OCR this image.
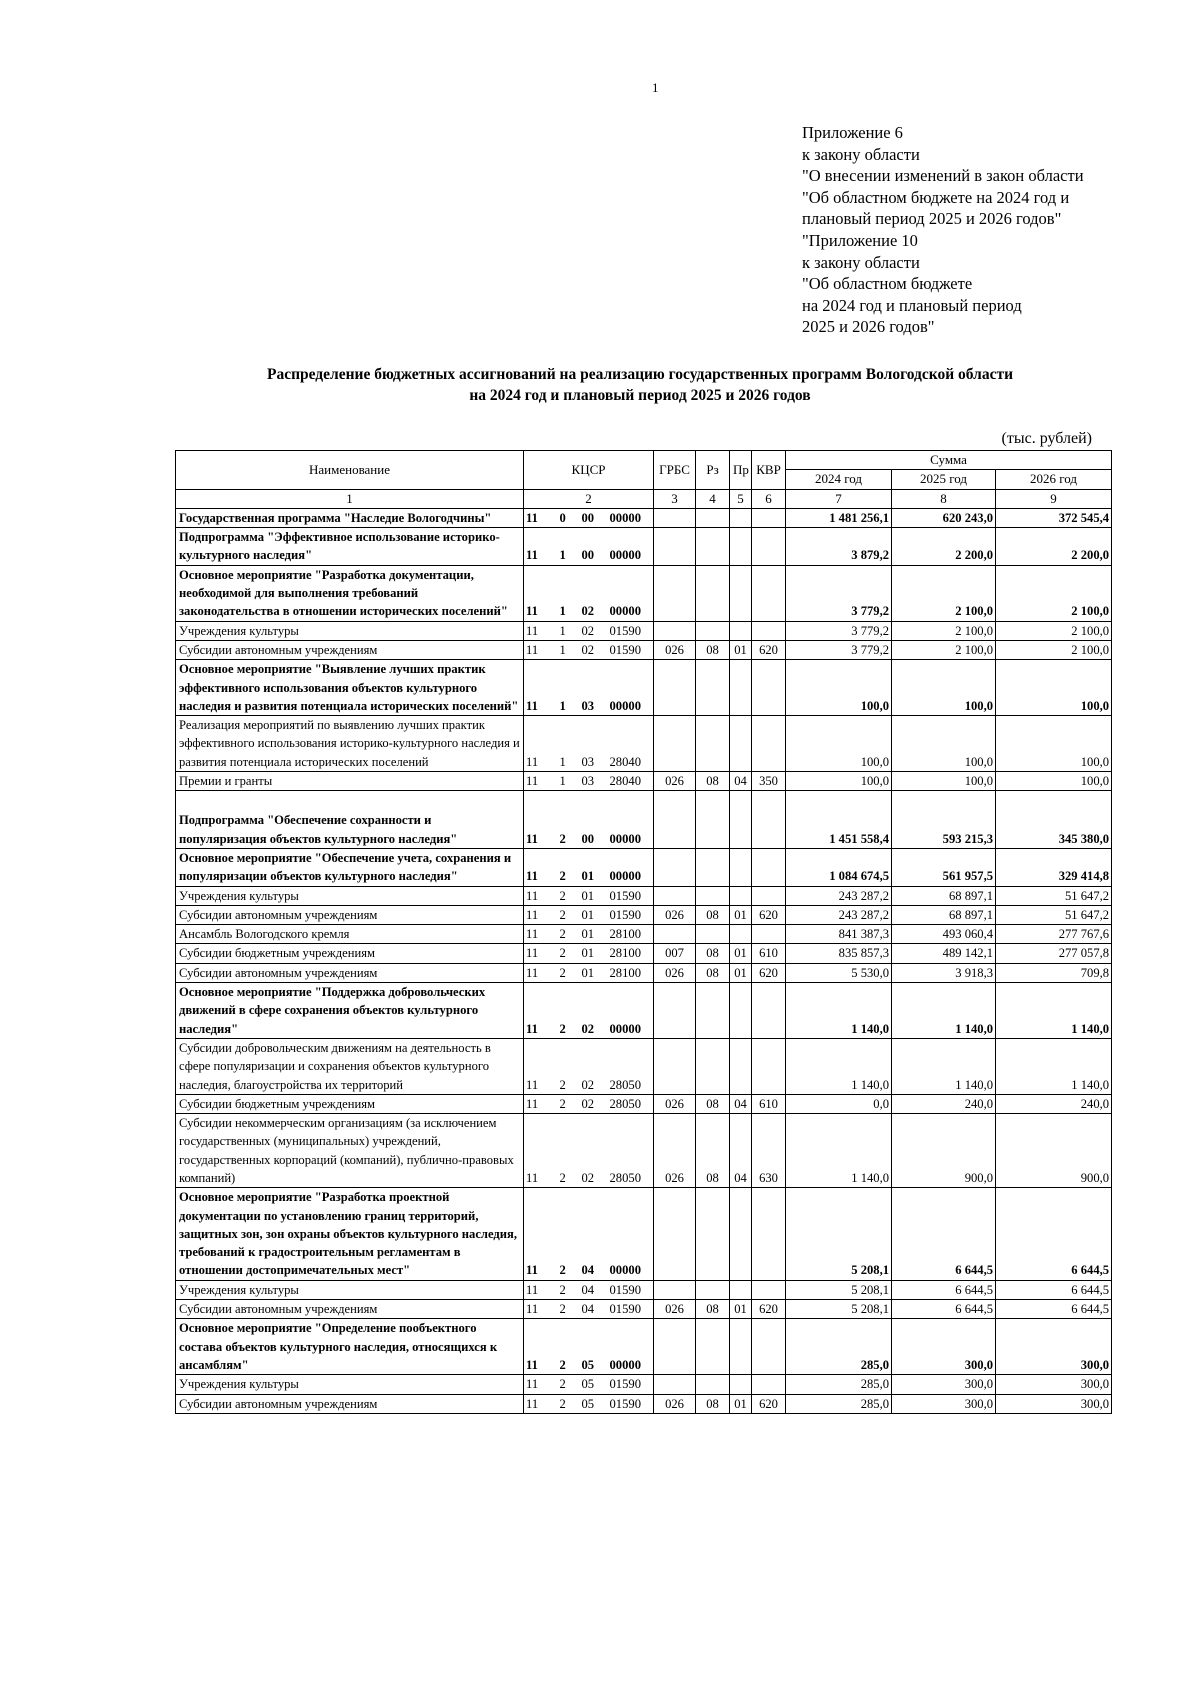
1
Приложение 6
к закону области
"О внесении изменений в закон области
"Об областном бюджете на 2024 год и
плановый период 2025 и 2026 годов"
"Приложение 10
к закону области
"Об областном бюджете
на 2024 год и плановый период
2025 и 2026 годов"
Распределение бюджетных ассигнований на реализацию государственных программ Вологодской области
на 2024 год и плановый период 2025 и 2026 годов
(тыс. рублей)
Наименование	КЦСР				ГРБС	Рз	Пр	КВР	Сумма		
									2024 год	2025 год	2026 год
1	2				3	4	5	6	7	8	9
Государственная программа "Наследие Вологодчины"	11	0	00	00000					1 481 256,1	620 243,0	372 545,4
Подпрограмма "Эффективное использование историко-культурного наследия"	11	1	00	00000					3 879,2	2 200,0	2 200,0
Основное мероприятие "Разработка документации, необходимой для выполнения требований законодательства в отношении исторических поселений"	11	1	02	00000					3 779,2	2 100,0	2 100,0
Учреждения культуры	11	1	02	01590					3 779,2	2 100,0	2 100,0
Субсидии автономным учреждениям	11	1	02	01590	026	08	01	620	3 779,2	2 100,0	2 100,0
Основное мероприятие "Выявление лучших практик эффективного использования объектов культурного наследия и развития потенциала исторических поселений"	11	1	03	00000					100,0	100,0	100,0
Реализация мероприятий по выявлению лучших практик эффективного использования историко-культурного наследия и развития потенциала исторических поселений	11	1	03	28040					100,0	100,0	100,0
Премии и гранты	11	1	03	28040	026	08	04	350	100,0	100,0	100,0
Подпрограмма "Обеспечение сохранности и популяризация объектов культурного наследия"	11	2	00	00000					1 451 558,4	593 215,3	345 380,0
Основное мероприятие "Обеспечение учета, сохранения и популяризации объектов культурного наследия"	11	2	01	00000					1 084 674,5	561 957,5	329 414,8
Учреждения культуры	11	2	01	01590					243 287,2	68 897,1	51 647,2
Субсидии автономным учреждениям	11	2	01	01590	026	08	01	620	243 287,2	68 897,1	51 647,2
Ансамбль Вологодского кремля	11	2	01	28100					841 387,3	493 060,4	277 767,6
Субсидии бюджетным учреждениям	11	2	01	28100	007	08	01	610	835 857,3	489 142,1	277 057,8
Субсидии автономным учреждениям	11	2	01	28100	026	08	01	620	5 530,0	3 918,3	709,8
Основное мероприятие "Поддержка добровольческих движений в сфере сохранения объектов культурного наследия"	11	2	02	00000					1 140,0	1 140,0	1 140,0
Субсидии добровольческим движениям на деятельность в сфере популяризации и сохранения объектов культурного наследия, благоустройства их территорий	11	2	02	28050					1 140,0	1 140,0	1 140,0
Субсидии бюджетным учреждениям	11	2	02	28050	026	08	04	610	0,0	240,0	240,0
Субсидии некоммерческим организациям (за исключением государственных (муниципальных) учреждений, государственных корпораций (компаний), публично-правовых компаний)	11	2	02	28050	026	08	04	630	1 140,0	900,0	900,0
Основное мероприятие "Разработка проектной документации по установлению границ территорий, защитных зон, зон охраны объектов культурного наследия, требований к градостроительным регламентам в отношении достопримечательных мест"	11	2	04	00000					5 208,1	6 644,5	6 644,5
Учреждения культуры	11	2	04	01590					5 208,1	6 644,5	6 644,5
Субсидии автономным учреждениям	11	2	04	01590	026	08	01	620	5 208,1	6 644,5	6 644,5
Основное мероприятие "Определение пообъектного состава объектов культурного наследия, относящихся к ансамблям"	11	2	05	00000					285,0	300,0	300,0
Учреждения культуры	11	2	05	01590					285,0	300,0	300,0
Субсидии автономным учреждениям	11	2	05	01590	026	08	01	620	285,0	300,0	300,0
